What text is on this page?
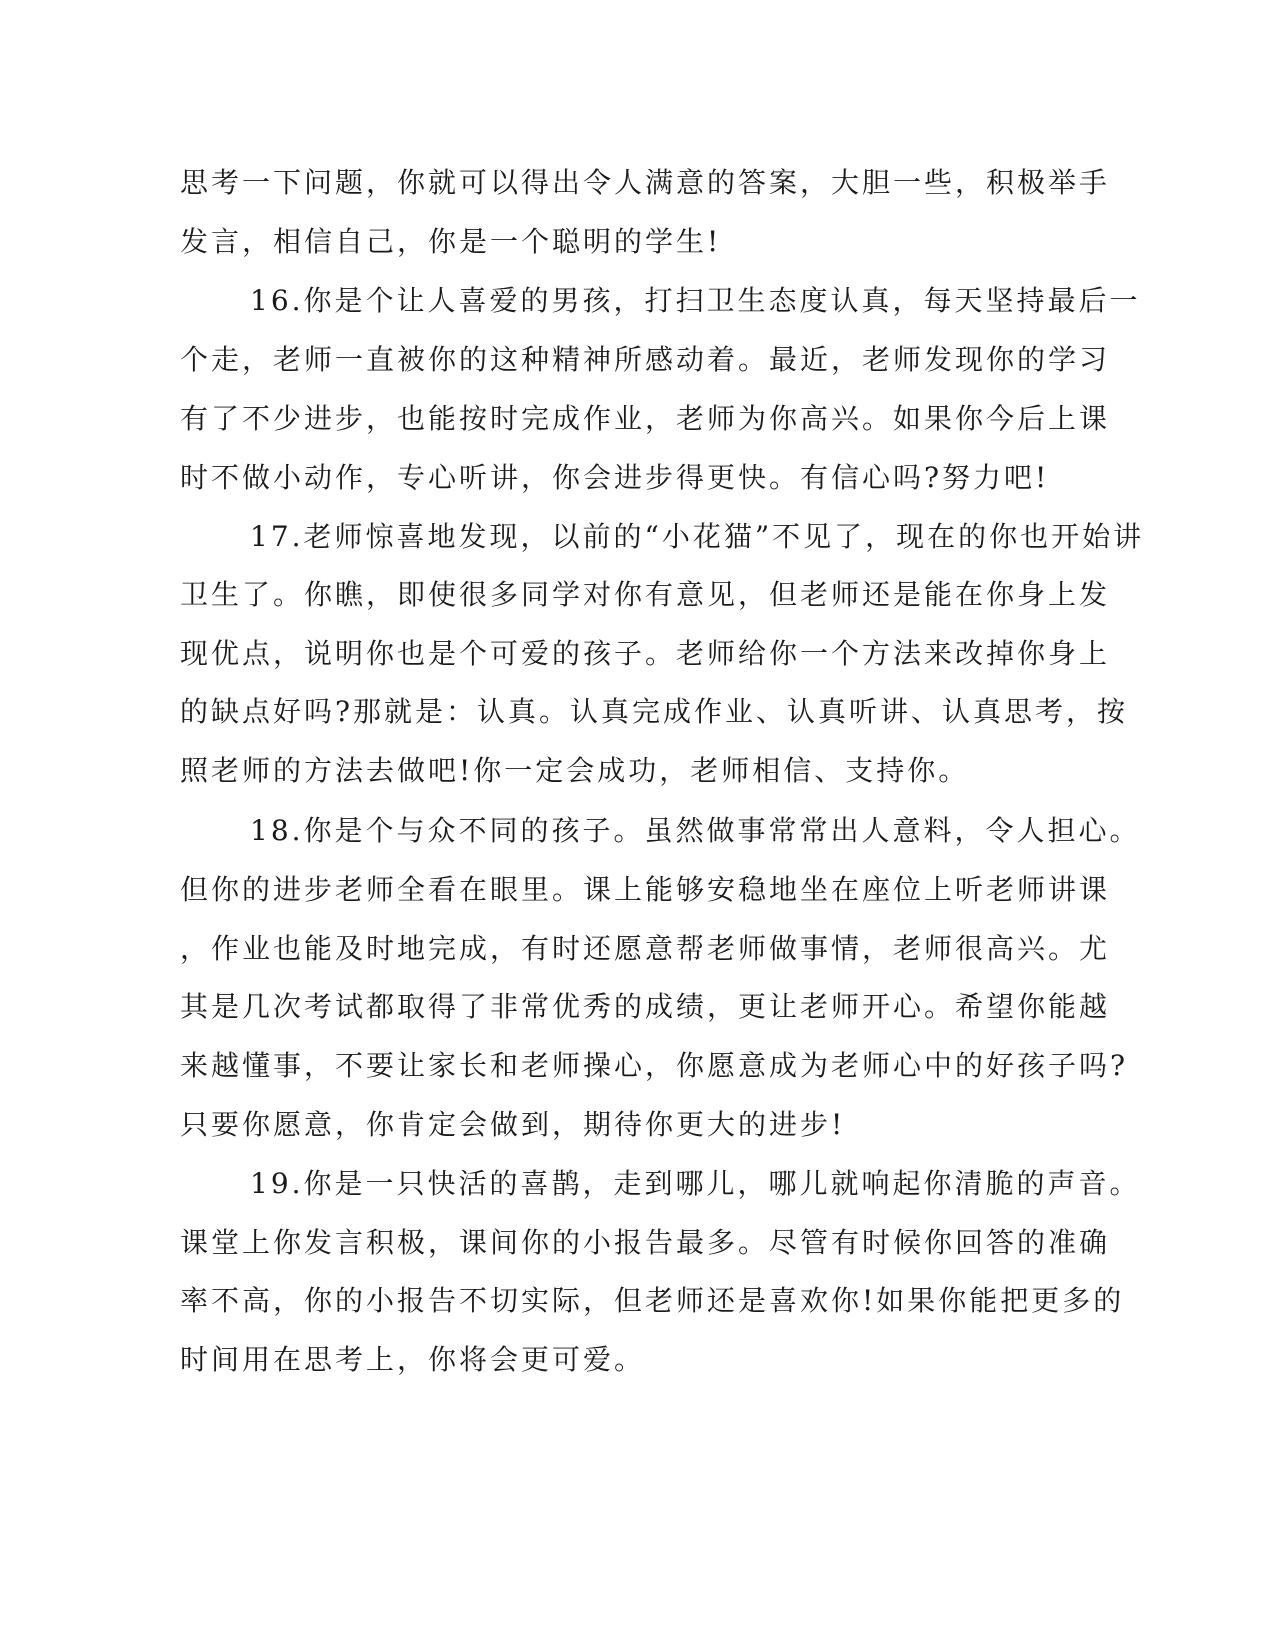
思考一下问题，你就可以得出令人满意的答案，大胆一些，积极举手

发言，相信自己，你是一个聪明的学生!

16.你是个让人喜爱的男孩，打扫卫生态度认真，每天坚持最后一

个走，老师一直被你的这种精神所感动着。最近，老师发现你的学习

有了不少进步，也能按时完成作业，老师为你高兴。如果你今后上课

时不做小动作，专心听讲，你会进步得更快。有信心吗?努力吧!

17.老师惊喜地发现，以前的“小花猫”不见了，现在的你也开始讲

卫生了。你瞧，即使很多同学对你有意见，但老师还是能在你身上发

现优点，说明你也是个可爱的孩子。老师给你一个方法来改掉你身上

的缺点好吗?那就是：认真。认真完成作业、认真听讲、认真思考，按

照老师的方法去做吧!你一定会成功，老师相信、支持你。

18.你是个与众不同的孩子。虽然做事常常出人意料，令人担心。

但你的进步老师全看在眼里。课上能够安稳地坐在座位上听老师讲课

，作业也能及时地完成，有时还愿意帮老师做事情，老师很高兴。尤

其是几次考试都取得了非常优秀的成绩，更让老师开心。希望你能越

来越懂事，不要让家长和老师操心，你愿意成为老师心中的好孩子吗?

只要你愿意，你肯定会做到，期待你更大的进步!

19.你是一只快活的喜鹊，走到哪儿，哪儿就响起你清脆的声音。

课堂上你发言积极，课间你的小报告最多。尽管有时候你回答的准确

率不高，你的小报告不切实际，但老师还是喜欢你!如果你能把更多的

时间用在思考上，你将会更可爱。
